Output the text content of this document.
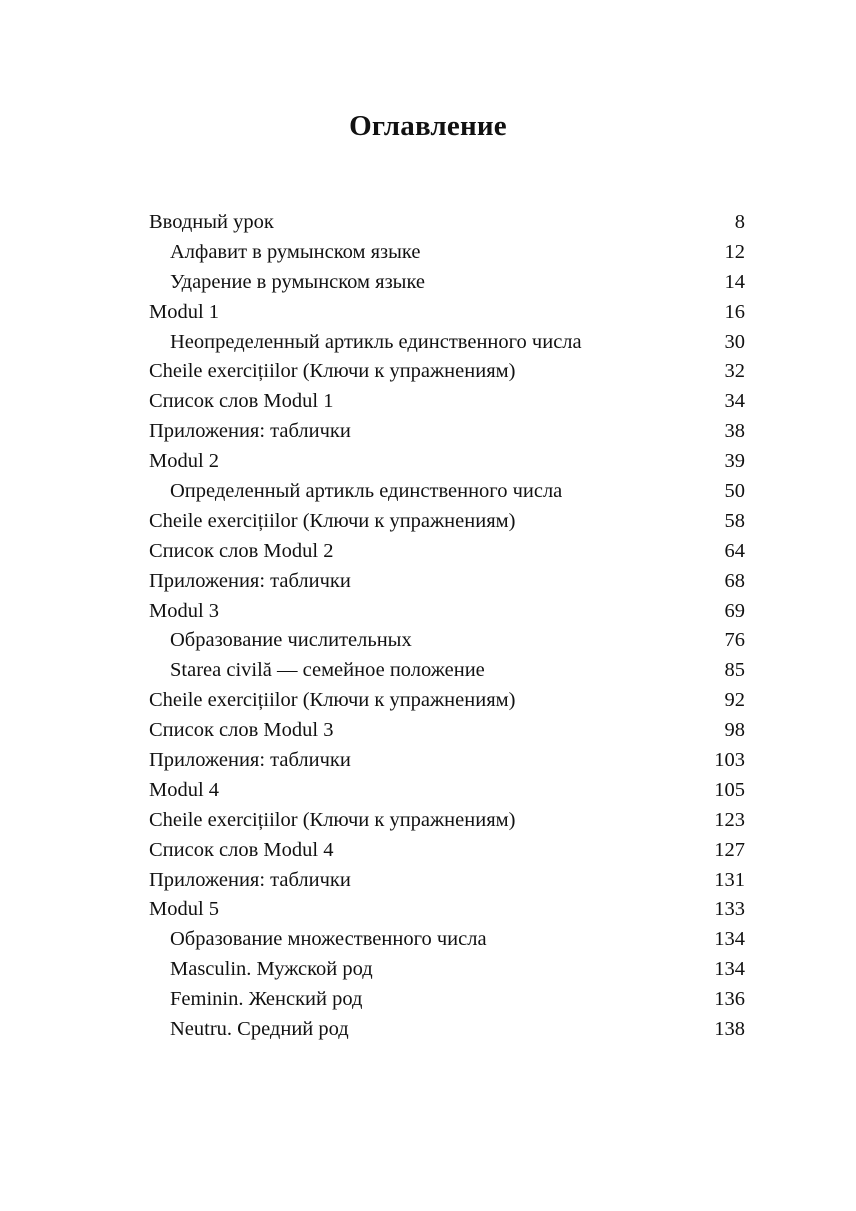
Оглавление
Вводный урок	8
Алфавит в румынском языке	12
Ударение в румынском языке	14
Modul 1	16
Неопределенный артикль единственного числа	30
Cheile exercițiilor (Ключи к упражнениям)	32
Список слов Modul 1	34
Приложения: таблички	38
Modul 2	39
Определенный артикль единственного числа	50
Cheile exercițiilor (Ключи к упражнениям)	58
Список слов Modul 2	64
Приложения: таблички	68
Modul 3	69
Образование числительных	76
Starea civilă — семейное положение	85
Cheile exercițiilor (Ключи к упражнениям)	92
Список слов Modul 3	98
Приложения: таблички	103
Modul 4	105
Cheile exercițiilor (Ключи к упражнениям)	123
Список слов Modul 4	127
Приложения: таблички	131
Modul 5	133
Образование множественного числа	134
Masculin. Мужской род	134
Feminin. Женский род	136
Neutru. Средний род	138
